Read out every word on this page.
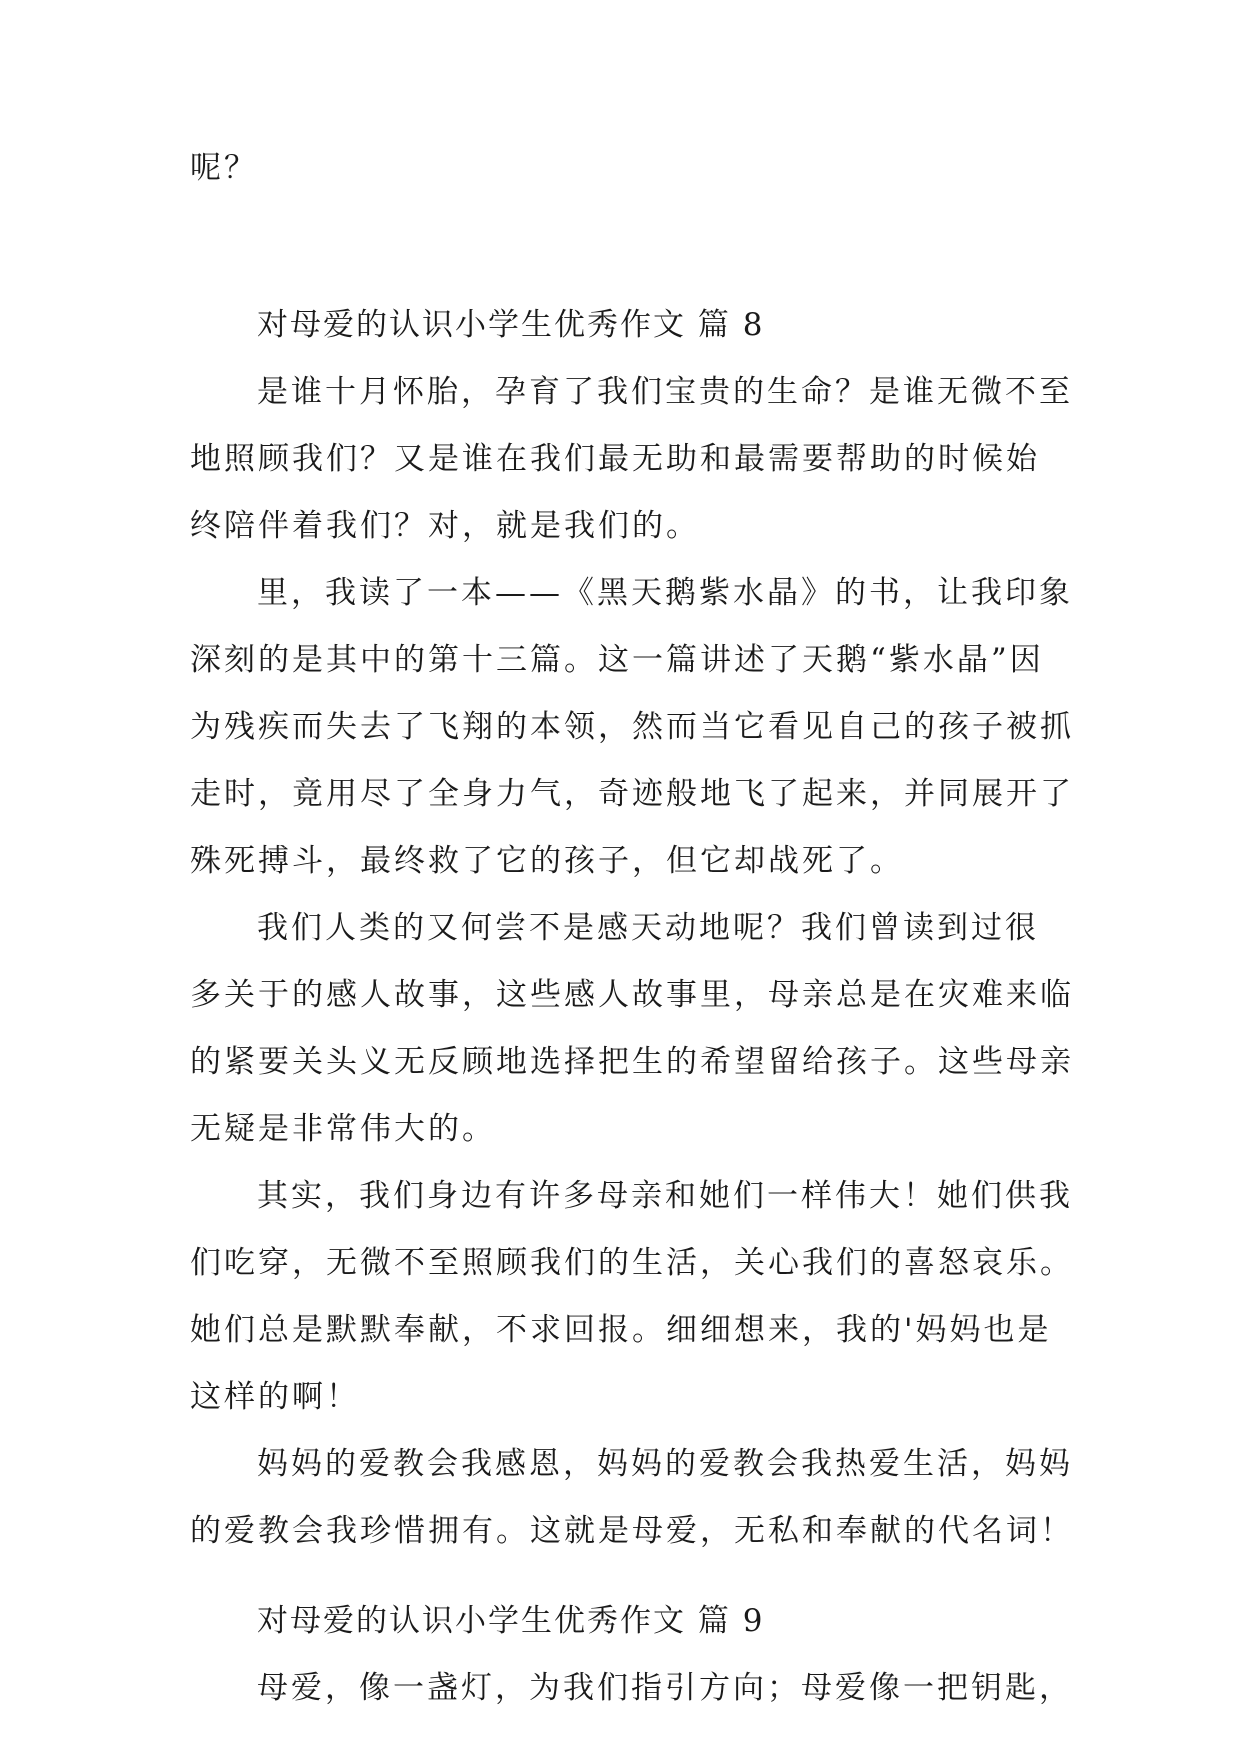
呢？
对母爱的认识小学生优秀作文 篇 8
是谁十月怀胎，孕育了我们宝贵的生命？是谁无微不至
地照顾我们？又是谁在我们最无助和最需要帮助的时候始
终陪伴着我们？对，就是我们的。
里，我读了一本——《黑天鹅紫水晶》的书，让我印象
深刻的是其中的第十三篇。这一篇讲述了天鹅“紫水晶”因
为残疾而失去了飞翔的本领，然而当它看见自己的孩子被抓
走时，竟用尽了全身力气，奇迹般地飞了起来，并同展开了
殊死搏斗，最终救了它的孩子，但它却战死了。
我们人类的又何尝不是感天动地呢？我们曾读到过很
多关于的感人故事，这些感人故事里，母亲总是在灾难来临
的紧要关头义无反顾地选择把生的希望留给孩子。这些母亲
无疑是非常伟大的。
其实，我们身边有许多母亲和她们一样伟大！她们供我
们吃穿，无微不至照顾我们的生活，关心我们的喜怒哀乐。
她们总是默默奉献，不求回报。细细想来，我的'妈妈也是
这样的啊！
妈妈的爱教会我感恩，妈妈的爱教会我热爱生活，妈妈
的爱教会我珍惜拥有。这就是母爱，无私和奉献的代名词！
对母爱的认识小学生优秀作文 篇 9
母爱，像一盏灯，为我们指引方向；母爱像一把钥匙，
